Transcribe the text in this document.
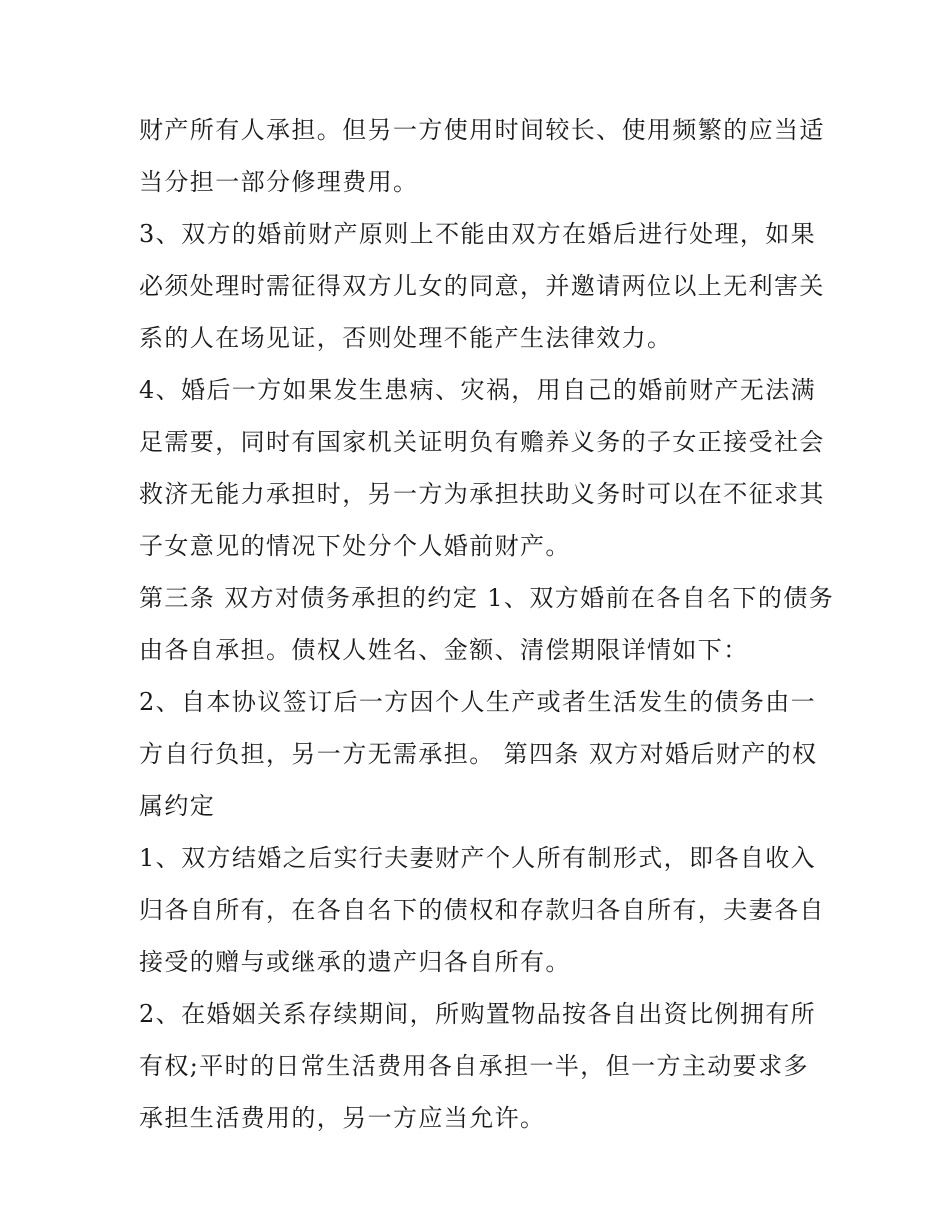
财产所有人承担。但另一方使用时间较长、使用频繁的应当适
当分担一部分修理费用。
3、双方的婚前财产原则上不能由双方在婚后进行处理，如果
必须处理时需征得双方儿女的同意，并邀请两位以上无利害关
系的人在场见证，否则处理不能产生法律效力。
4、婚后一方如果发生患病、灾祸，用自己的婚前财产无法满
足需要，同时有国家机关证明负有赡养义务的子女正接受社会
救济无能力承担时，另一方为承担扶助义务时可以在不征求其
子女意见的情况下处分个人婚前财产。
第三条 双方对债务承担的约定 1、双方婚前在各自名下的债务
由各自承担。债权人姓名、金额、清偿期限详情如下：
2、自本协议签订后一方因个人生产或者生活发生的债务由一
方自行负担，另一方无需承担。 第四条 双方对婚后财产的权
属约定
1、双方结婚之后实行夫妻财产个人所有制形式，即各自收入
归各自所有，在各自名下的债权和存款归各自所有，夫妻各自
接受的赠与或继承的遗产归各自所有。
2、在婚姻关系存续期间，所购置物品按各自出资比例拥有所
有权;平时的日常生活费用各自承担一半，但一方主动要求多
承担生活费用的，另一方应当允许。
